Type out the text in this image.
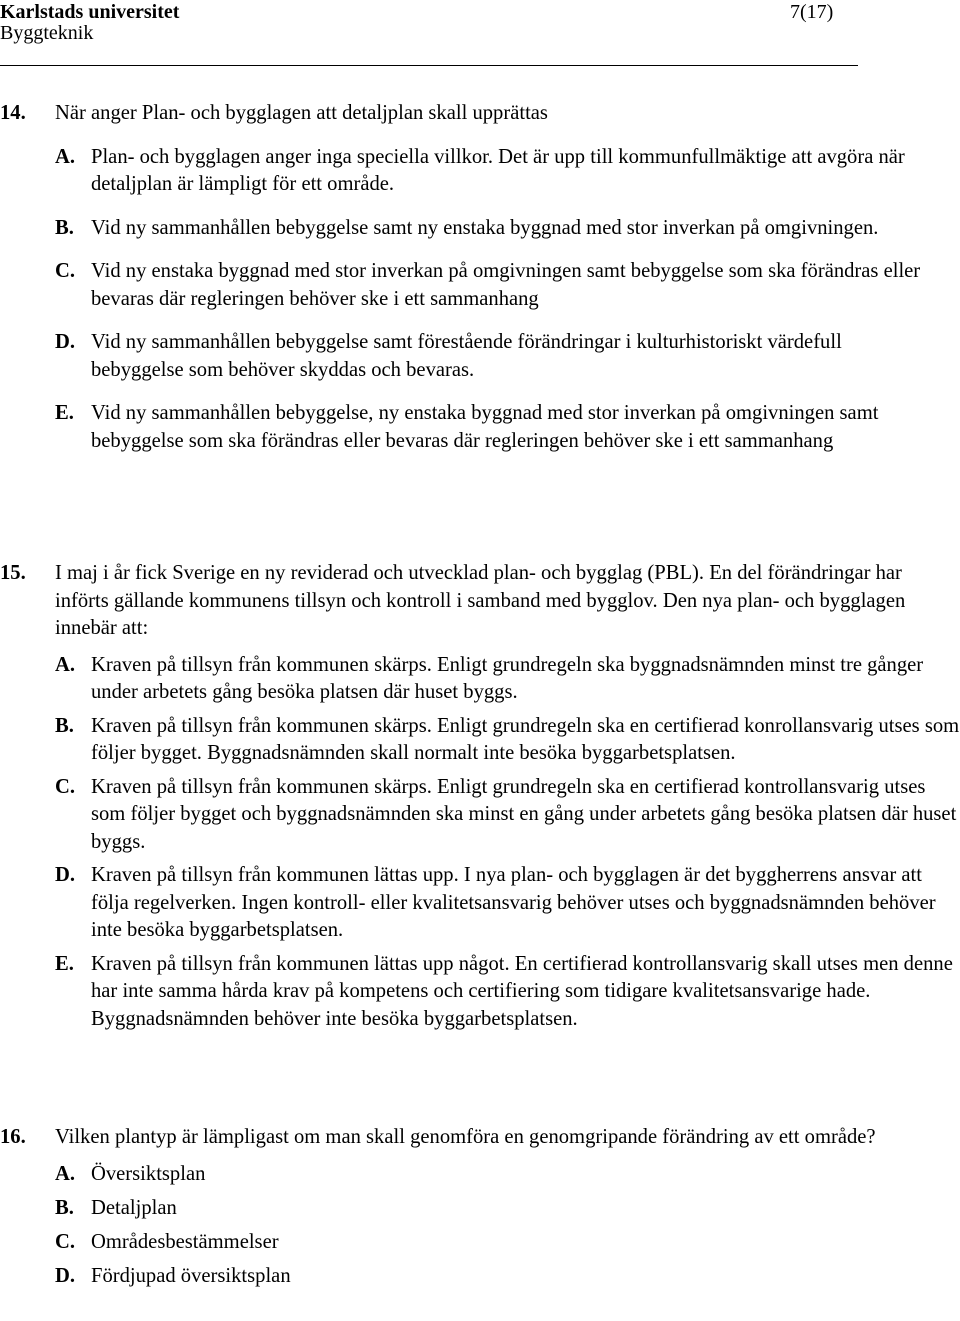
Karlstads universitet
Byggteknik
7(17)
14. När anger Plan- och bygglagen att detaljplan skall upprättas
A. Plan- och bygglagen anger inga speciella villkor. Det är upp till kommunfullmäktige att avgöra när detaljplan är lämpligt för ett område.
B. Vid ny sammanhållen bebyggelse samt ny enstaka byggnad med stor inverkan på omgivningen.
C. Vid ny enstaka byggnad med stor inverkan på omgivningen samt bebyggelse som ska förändras eller bevaras där regleringen behöver ske i ett sammanhang
D. Vid ny sammanhållen bebyggelse samt förestående förändringar i kulturhistoriskt värdefull bebyggelse som behöver skyddas och bevaras.
E. Vid ny sammanhållen bebyggelse, ny enstaka byggnad med stor inverkan på omgivningen samt bebyggelse som ska förändras eller bevaras där regleringen behöver ske i ett sammanhang
15. I maj i år fick Sverige en ny reviderad och utvecklad plan- och bygglag (PBL). En del förändringar har införts gällande kommunens tillsyn och kontroll i samband med bygglov. Den nya plan- och bygglagen innebär att:
A. Kraven på tillsyn från kommunen skärps. Enligt grundregeln ska byggnadsnämnden minst tre gånger under arbetets gång besöka platsen där huset byggs.
B. Kraven på tillsyn från kommunen skärps. Enligt grundregeln ska en certifierad konrollansvarig utses som följer bygget. Byggnadsnämnden skall normalt inte besöka byggarbetsplatsen.
C. Kraven på tillsyn från kommunen skärps. Enligt grundregeln ska en certifierad kontrollansvarig utses som följer bygget och byggnadsnämnden ska minst en gång under arbetets gång besöka platsen där huset byggs.
D. Kraven på tillsyn från kommunen lättas upp. I nya plan- och bygglagen är det byggherrens ansvar att följa regelverken. Ingen kontroll- eller kvalitetsansvarig behöver utses och byggnadsnämnden behöver inte besöka byggarbetsplatsen.
E. Kraven på tillsyn från kommunen lättas upp något. En certifierad kontrollansvarig skall utses men denne har inte samma hårda krav på kompetens och certifiering som tidigare kvalitetsansvarige hade. Byggnadsnämnden behöver inte besöka byggarbetsplatsen.
16. Vilken plantyp är lämpligast om man skall genomföra en genomgripande förändring av ett område?
A. Översiktsplan
B. Detaljplan
C. Områdesbestämmelser
D. Fördjupad översiktsplan
